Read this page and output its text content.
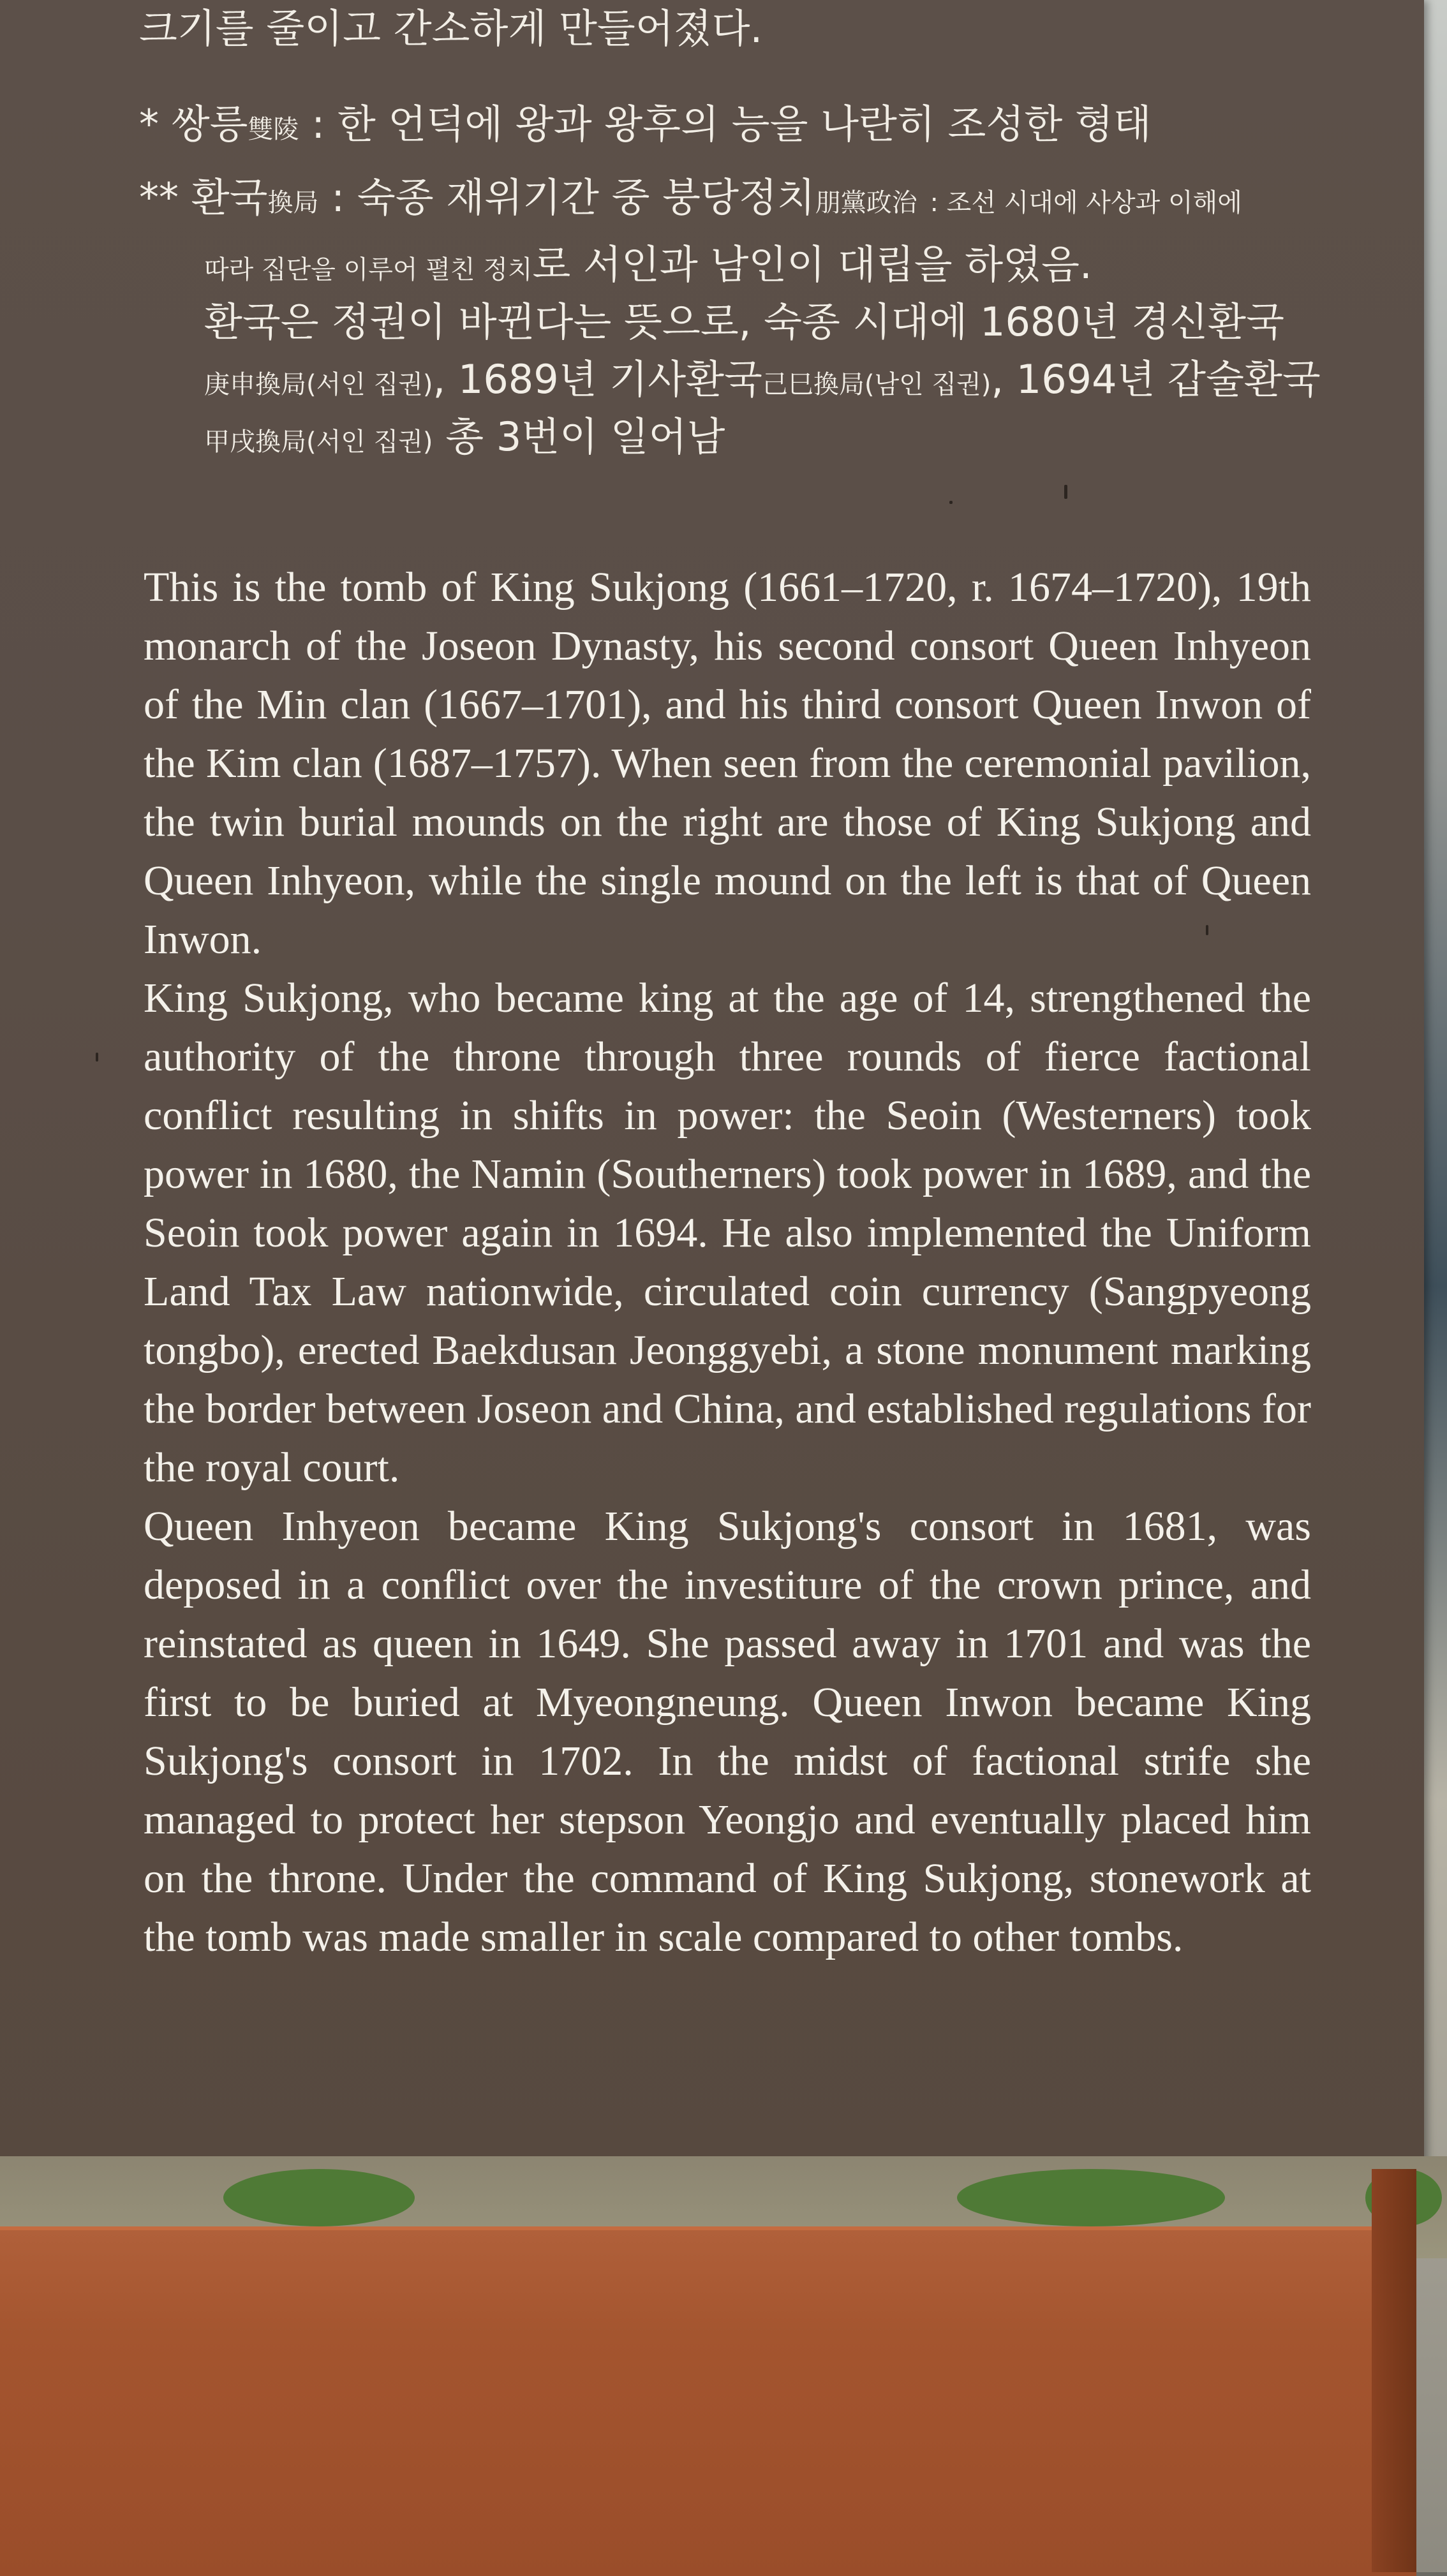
크기를 줄이고 간소하게 만들어졌다.
* 쌍릉雙陵 : 한 언덕에 왕과 왕후의 능을 나란히 조성한 형태
** 환국換局 : 숙종 재위기간 중 붕당정치朋黨政治 : 조선 시대에 사상과 이해에
따라 집단을 이루어 펼친 정치로 서인과 남인이 대립을 하였음.
환국은 정권이 바뀐다는 뜻으로, 숙종 시대에 1680년 경신환국
庚申換局(서인 집권), 1689년 기사환국己巳換局(남인 집권), 1694년 갑술환국
甲戌換局(서인 집권) 총 3번이 일어남

This is the tomb of King Sukjong (1661–1720, r. 1674–1720), 19th monarch of the Joseon Dynasty, his second consort Queen Inhyeon of the Min clan (1667–1701), and his third consort Queen Inwon of the Kim clan (1687–1757). When seen from the ceremonial pavilion, the twin burial mounds on the right are those of King Sukjong and Queen Inhyeon, while the single mound on the left is that of Queen Inwon.

King Sukjong, who became king at the age of 14, strengthened the authority of the throne through three rounds of fierce factional conflict resulting in shifts in power: the Seoin (Westerners) took power in 1680, the Namin (Southerners) took power in 1689, and the Seoin took power again in 1694. He also implemented the Uniform Land Tax Law nationwide, circulated coin currency (Sangpyeong tongbo), erected Baekdusan Jeonggyebi, a stone monument marking the border between Joseon and China, and established regulations for the royal court.

Queen Inhyeon became King Sukjong's consort in 1681, was deposed in a conflict over the investiture of the crown prince, and reinstated as queen in 1649. She passed away in 1701 and was the first to be buried at Myeongneung. Queen Inwon became King Sukjong's consort in 1702. In the midst of factional strife she managed to protect her stepson Yeongjo and eventually placed him on the throne. Under the command of King Sukjong, stonework at the tomb was made smaller in scale compared to other tombs.
